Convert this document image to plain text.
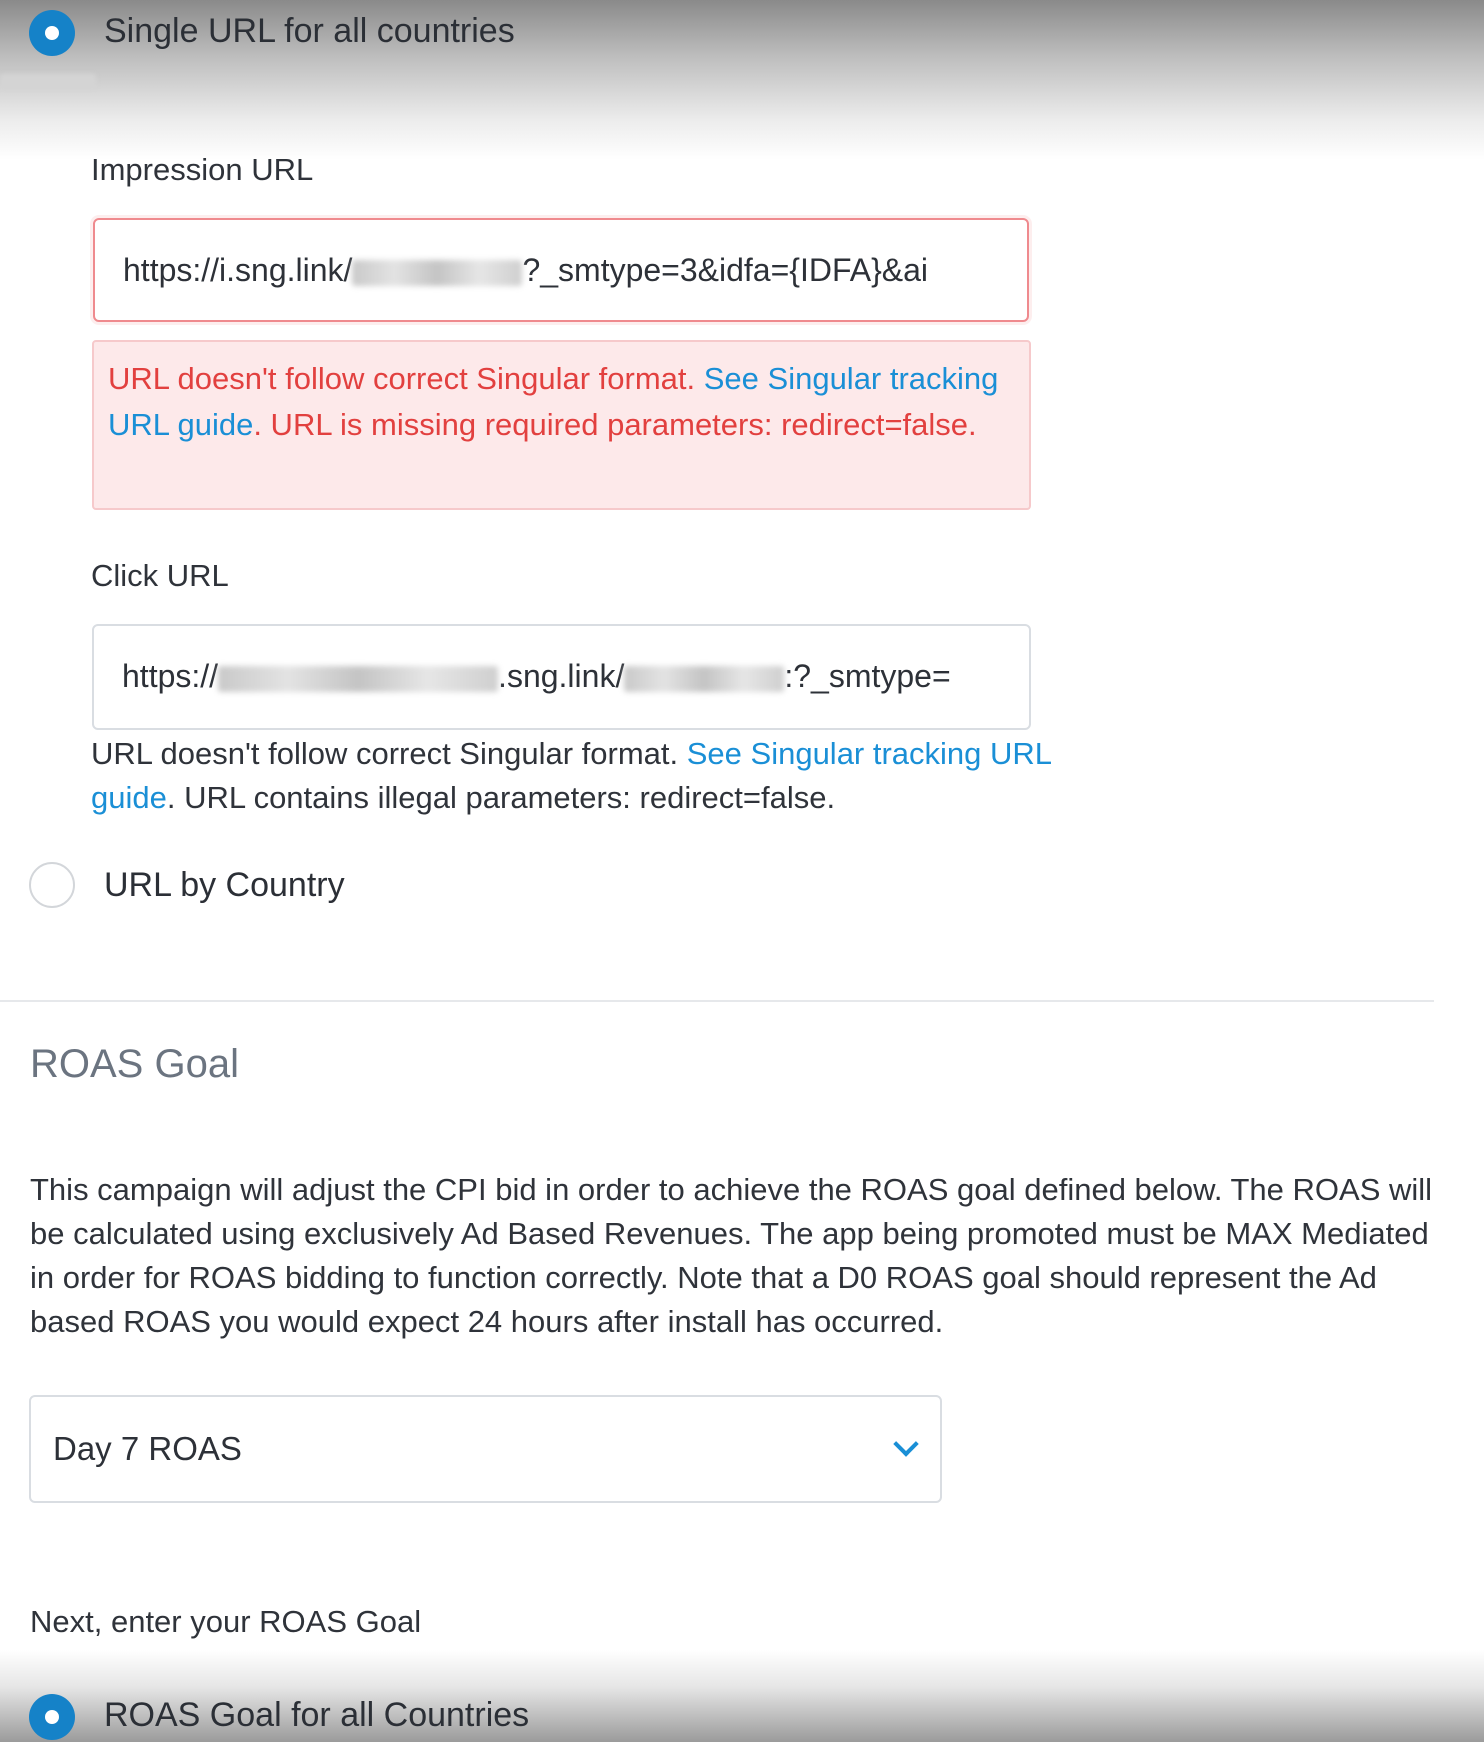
Single URL for all countries
Impression URL
https://i.sng.link/	?_smtype=3&idfa={IDFA}&ai
URL doesn't follow correct Singular format. See Singular tracking URL guide. URL is missing required parameters: redirect=false.
Click URL
https://	.sng.link/	:?_smtype=
URL doesn't follow correct Singular format. See Singular tracking URL guide. URL contains illegal parameters: redirect=false.
URL by Country
ROAS Goal
This campaign will adjust the CPI bid in order to achieve the ROAS goal defined below. The ROAS will be calculated using exclusively Ad Based Revenues. The app being promoted must be MAX Mediated in order for ROAS bidding to function correctly. Note that a D0 ROAS goal should represent the Ad based ROAS you would expect 24 hours after install has occurred.
Day 7 ROAS
Next, enter your ROAS Goal
ROAS Goal for all Countries
